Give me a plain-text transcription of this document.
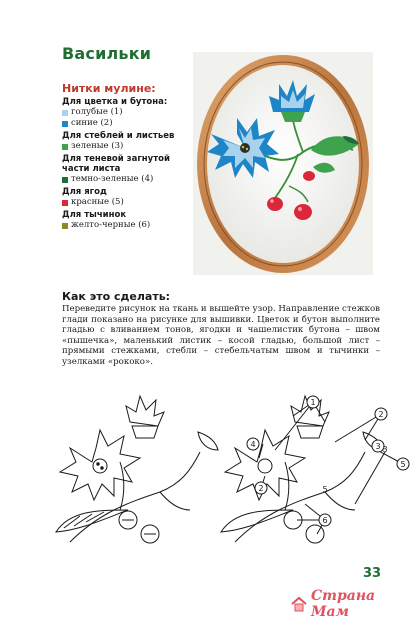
Васильки
Нитки мулине:
Для цветка и бутона:
голубые (1)
синие (2)
Для стеблей и листьев
зеленые (3)
Для теневой загнутой части листа
темно-зеленые (4)
Для ягод
красные (5)
Для тычинок
желто-черные (6)
Как это сделать:

Переведите рисунок на ткань и вышейте узор. Направление стежков глади показано на рисунке для вышивки. Цветок и бутон выполните гладью с вливанием тонов, ягодки и чашелистик бутона – швом «пышечка», маленький листик – косой гладью, большой лист – прямыми стежками, стебли – стебельчатым швом и тычинки – узелками «рококо».

1
4
2
2
3
5
3
6
5
33
Страна Мам
